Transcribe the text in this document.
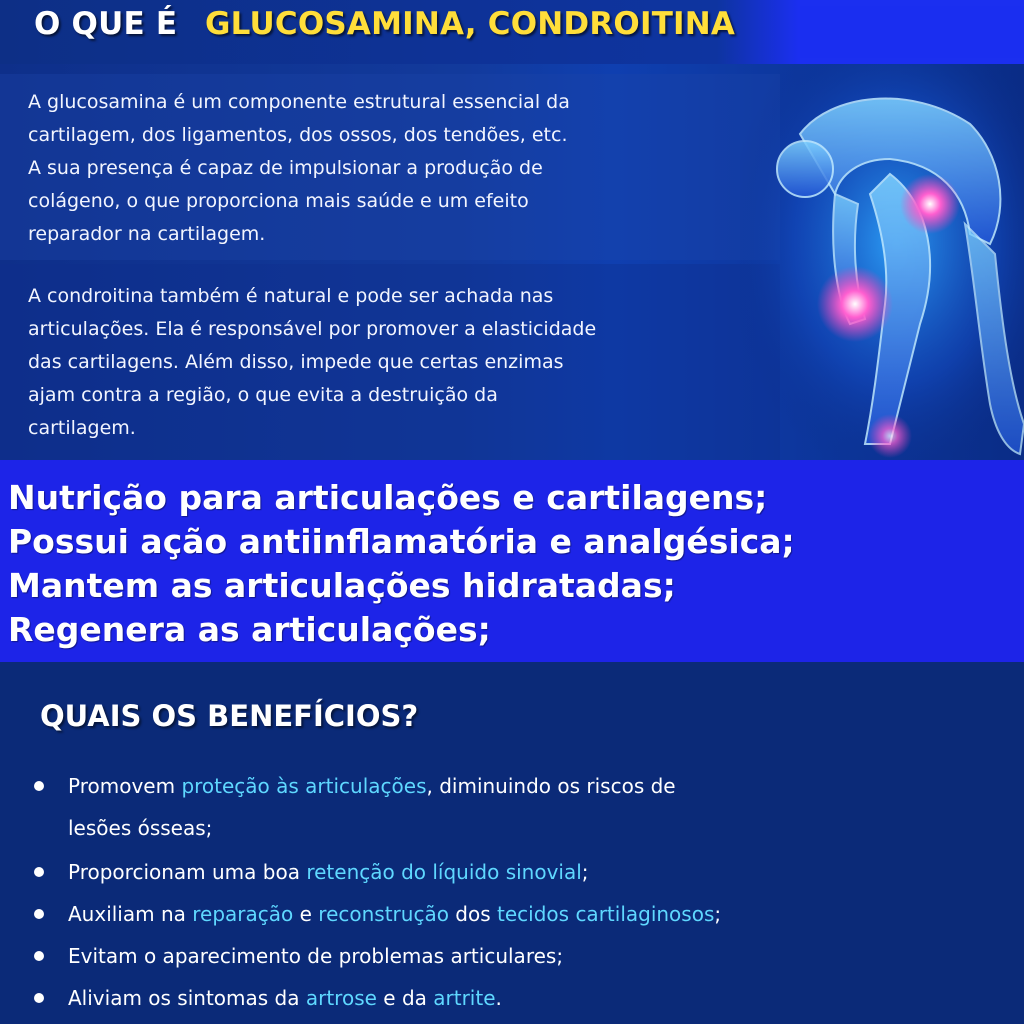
O QUE É GLUCOSAMINA, CONDROITINA
A glucosamina é um componente estrutural essencial da
cartilagem, dos ligamentos, dos ossos, dos tendões, etc.
A sua presença é capaz de impulsionar a produção de
colágeno, o que proporciona mais saúde e um efeito
reparador na cartilagem.
A condroitina também é natural e pode ser achada nas
articulações. Ela é responsável por promover a elasticidade
das cartilagens. Além disso, impede que certas enzimas
ajam contra a região, o que evita a destruição da
cartilagem.
Nutrição para articulações e cartilagens;
Possui ação antiinflamatória e analgésica;
Mantem as articulações hidratadas;
Regenera as articulações;
QUAIS OS BENEFÍCIOS?
Promovem proteção às articulações, diminuindo os riscos de
lesões ósseas;
Proporcionam uma boa retenção do líquido sinovial;
Auxiliam na reparação e reconstrução dos tecidos cartilaginosos;
Evitam o aparecimento de problemas articulares;
Aliviam os sintomas da artrose e da artrite.
